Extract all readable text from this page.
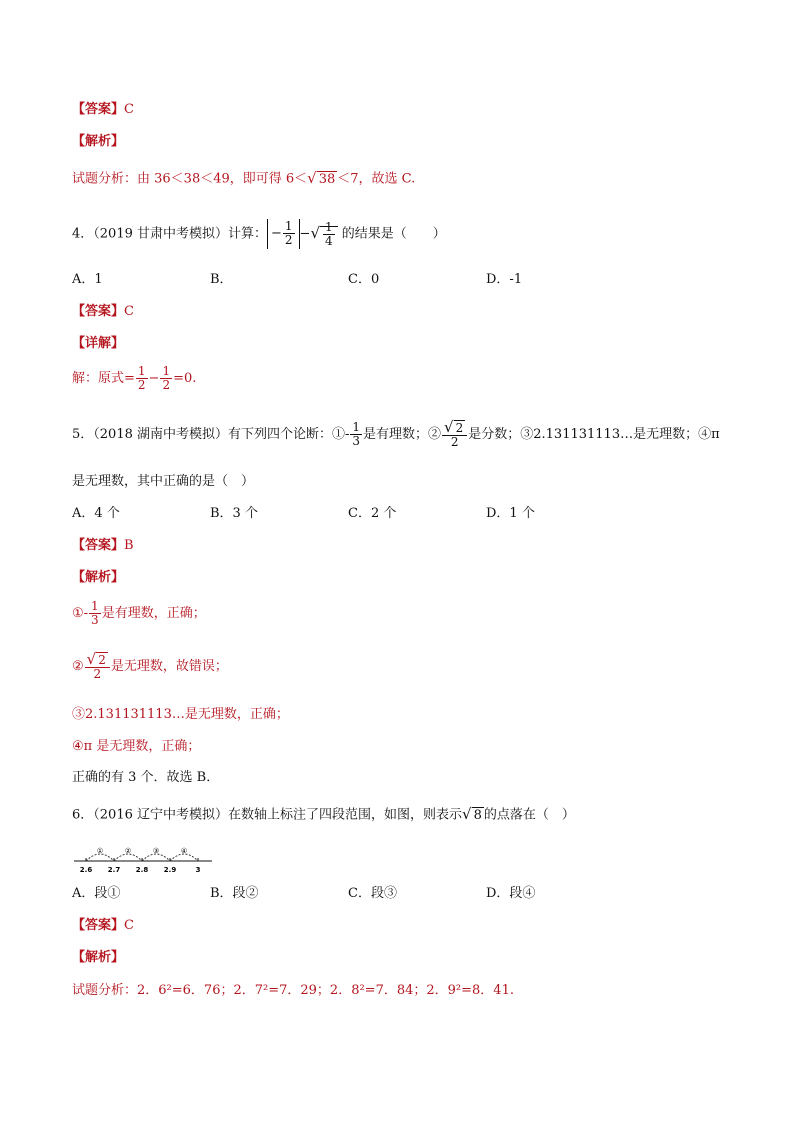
【答案】C
【解析】
试题分析：由 36＜38＜49，即可得 6＜√ 38 ＜7，故选 C.
4．（2019 甘肃中考模拟）计算： − $\frac{1}{2}$ −√ $\frac{1}{4}$ 的结果是（　　）
A．1	B．	C．0	D．-1
【答案】C
【详解】
解：原式= $\frac{1}{2} - \frac{1}{2} =0$.
5．（2018 湖南中考模拟）有下列四个论断：①- $\frac{1}{3}$ 是有理数；② $\frac{√ 2}{2}$ 是分数；③2.131131113…是无理数；④π
是无理数，其中正确的是（　）
A．4 个	B．3 个	C．2 个	D．1 个
【答案】B
【解析】
①- $\frac{1}{3}$ 是有理数，正确；
② $\frac{√ 2}{2}$ 是无理数，故错误；
③2.131131113…是无理数，正确；
④π 是无理数，正确；
正确的有 3 个．故选 B．
6．（2016 辽宁中考模拟）在数轴上标注了四段范围，如图，则表示√ 8 的点落在（　）
①	②	③	④
2.6 2.7 2.8 2.9	3
A．段①	B．段②	C．段③	D．段④
【答案】C
【解析】
试题分析：2．6²=6．76；2．7²=7．29；2．8²=7．84；2．9²=8．41.
